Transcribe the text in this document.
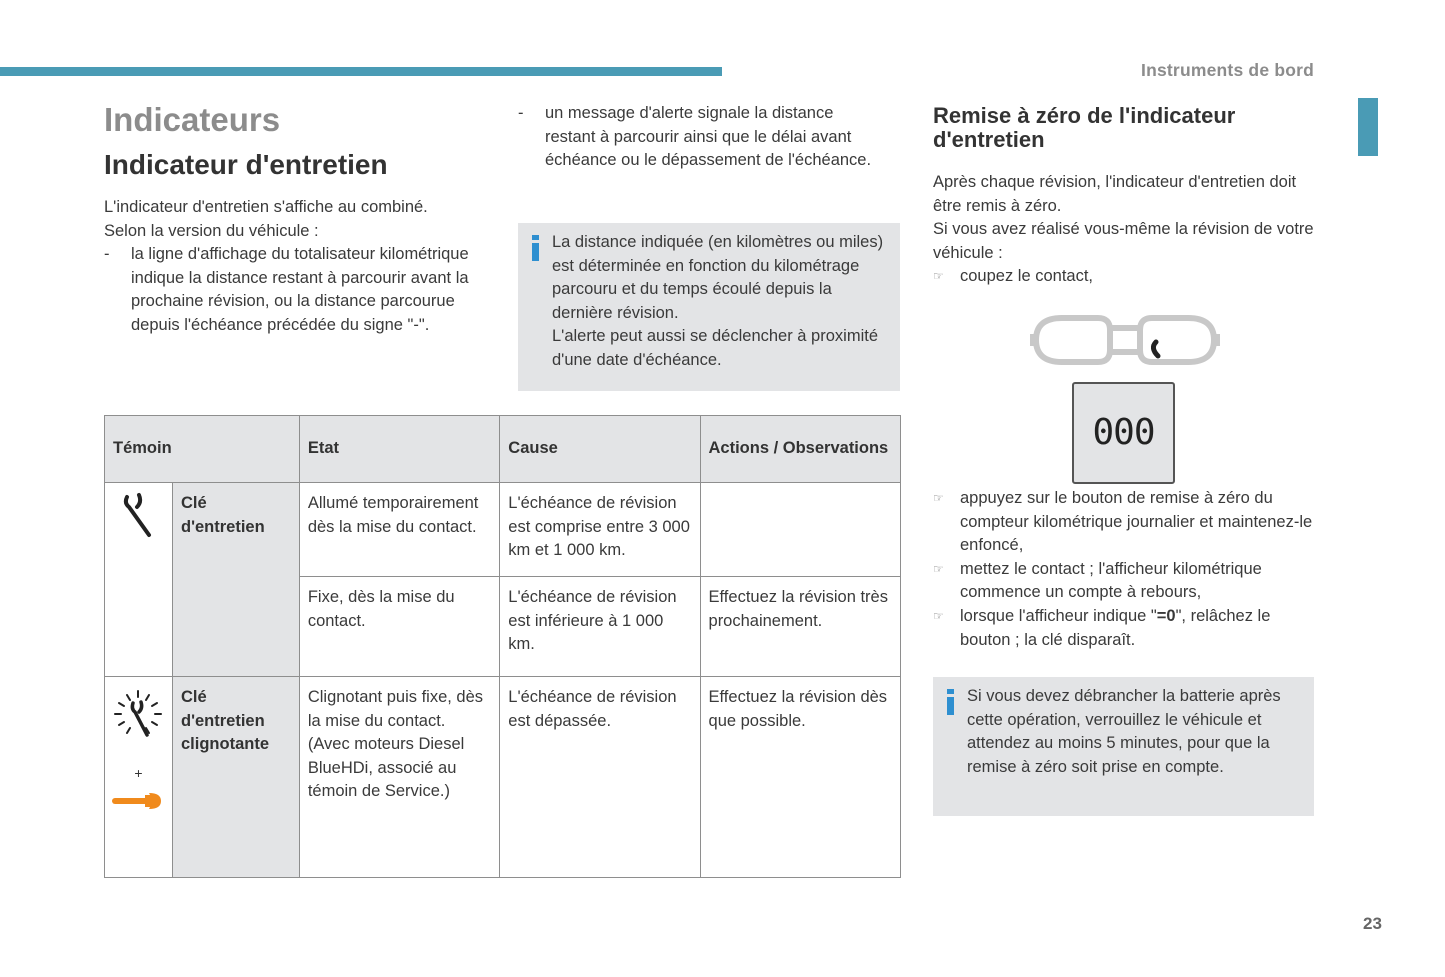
Instruments de bord
Indicateurs
Indicateur d'entretien

L'indicateur d'entretien s'affiche au combiné.

Selon la version du véhicule :

- la ligne d'affichage du totalisateur kilométrique indique la distance restant à parcourir avant la prochaine révision, ou la distance parcourue depuis l'échéance précédée du signe "-".
- un message d'alerte signale la distance restant à parcourir ainsi que le délai avant échéance ou le dépassement de l'échéance.

La distance indiquée (en kilomètres ou miles) est déterminée en fonction du kilométrage parcouru et du temps écoulé depuis la dernière révision.

L'alerte peut aussi se déclencher à proximité d'une date d'échéance.

Témoin		Etat	Cause	Actions / Observations
	Clé d'entretien	Allumé temporairement dès la mise du contact.	L'échéance de révision est comprise entre 3 000 km et 1 000 km.	
		Fixe, dès la mise du contact.	L'échéance de révision est inférieure à 1 000 km.	Effectuez la révision très prochainement.

+	Clé d'entretien clignotante	Clignotant puis fixe, dès la mise du contact. (Avec moteurs Diesel BlueHDi, associé au témoin de Service.)	L'échéance de révision est dépassée.	Effectuez la révision dès que possible.
Remise à zéro de l'indicateur d'entretien

Après chaque révision, l'indicateur d'entretien doit être remis à zéro.

Si vous avez réalisé vous-même la révision de votre véhicule :

☞ coupez le contact,
000
☞ appuyez sur le bouton de remise à zéro du compteur kilométrique journalier et maintenez-le enfoncé,
☞ mettez le contact ; l'afficheur kilométrique commence un compte à rebours,
☞ lorsque l'afficheur indique "=0", relâchez le bouton ; la clé disparaît.

Si vous devez débrancher la batterie après cette opération, verrouillez le véhicule et attendez au moins 5 minutes, pour que la remise à zéro soit prise en compte.

23
